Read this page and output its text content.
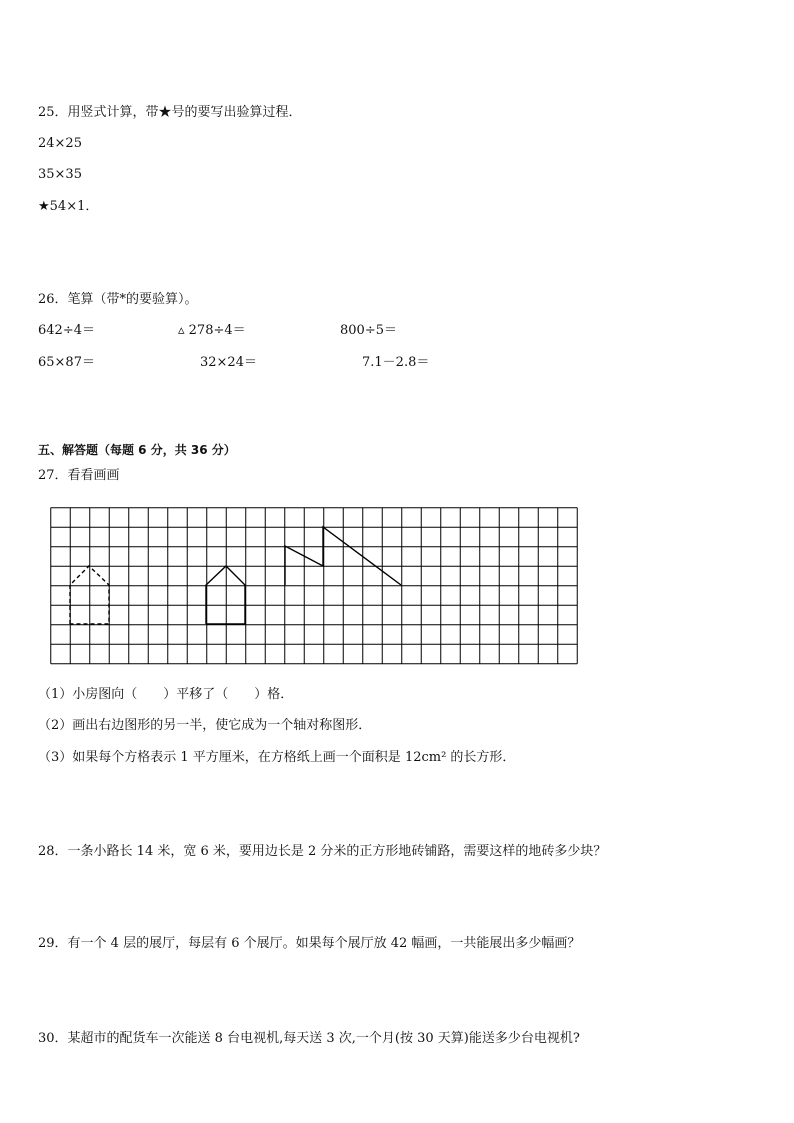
25．用竖式计算，带★号的要写出验算过程．
24×25
35×35
★54×1．
26．笔算（带*的要验算）。
642÷4＝	▵ 278÷4＝	800÷5＝
65×87＝	32×24＝	7.1－2.8＝
五、解答题（每题 6 分，共 36 分）
27．看看画画
（1）小房图向（　　）平移了（　　）格．
（2）画出右边图形的另一半，使它成为一个轴对称图形．
（3）如果每个方格表示 1 平方厘米，在方格纸上画一个面积是 12cm² 的长方形．
28．一条小路长 14 米，宽 6 米，要用边长是 2 分米的正方形地砖铺路，需要这样的地砖多少块？
29．有一个 4 层的展厅，每层有 6 个展厅。如果每个展厅放 42 幅画，一共能展出多少幅画？
30．某超市的配货车一次能送 8 台电视机,每天送 3 次,一个月(按 30 天算)能送多少台电视机?
